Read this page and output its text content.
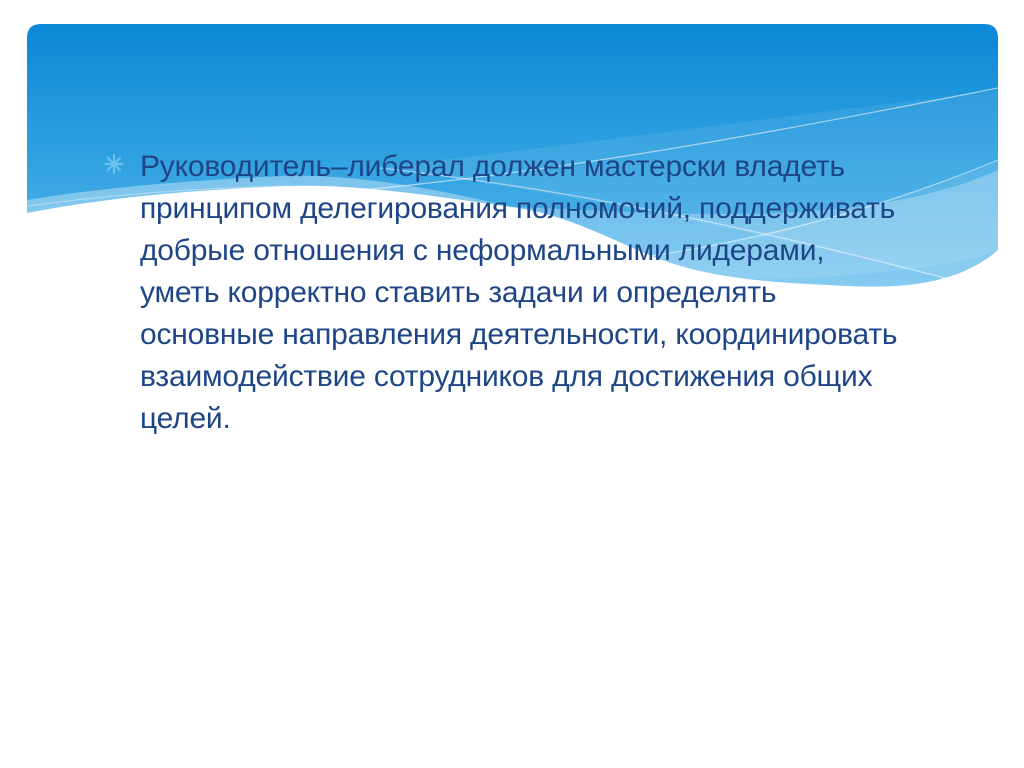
Руководитель–либерал должен мастерски владеть принципом делегирования полномочий, поддерживать добрые отношения с неформальными лидерами, уметь корректно ставить задачи и определять основные направления деятельности, координировать взаимодействие сотрудников для достижения общих целей.
